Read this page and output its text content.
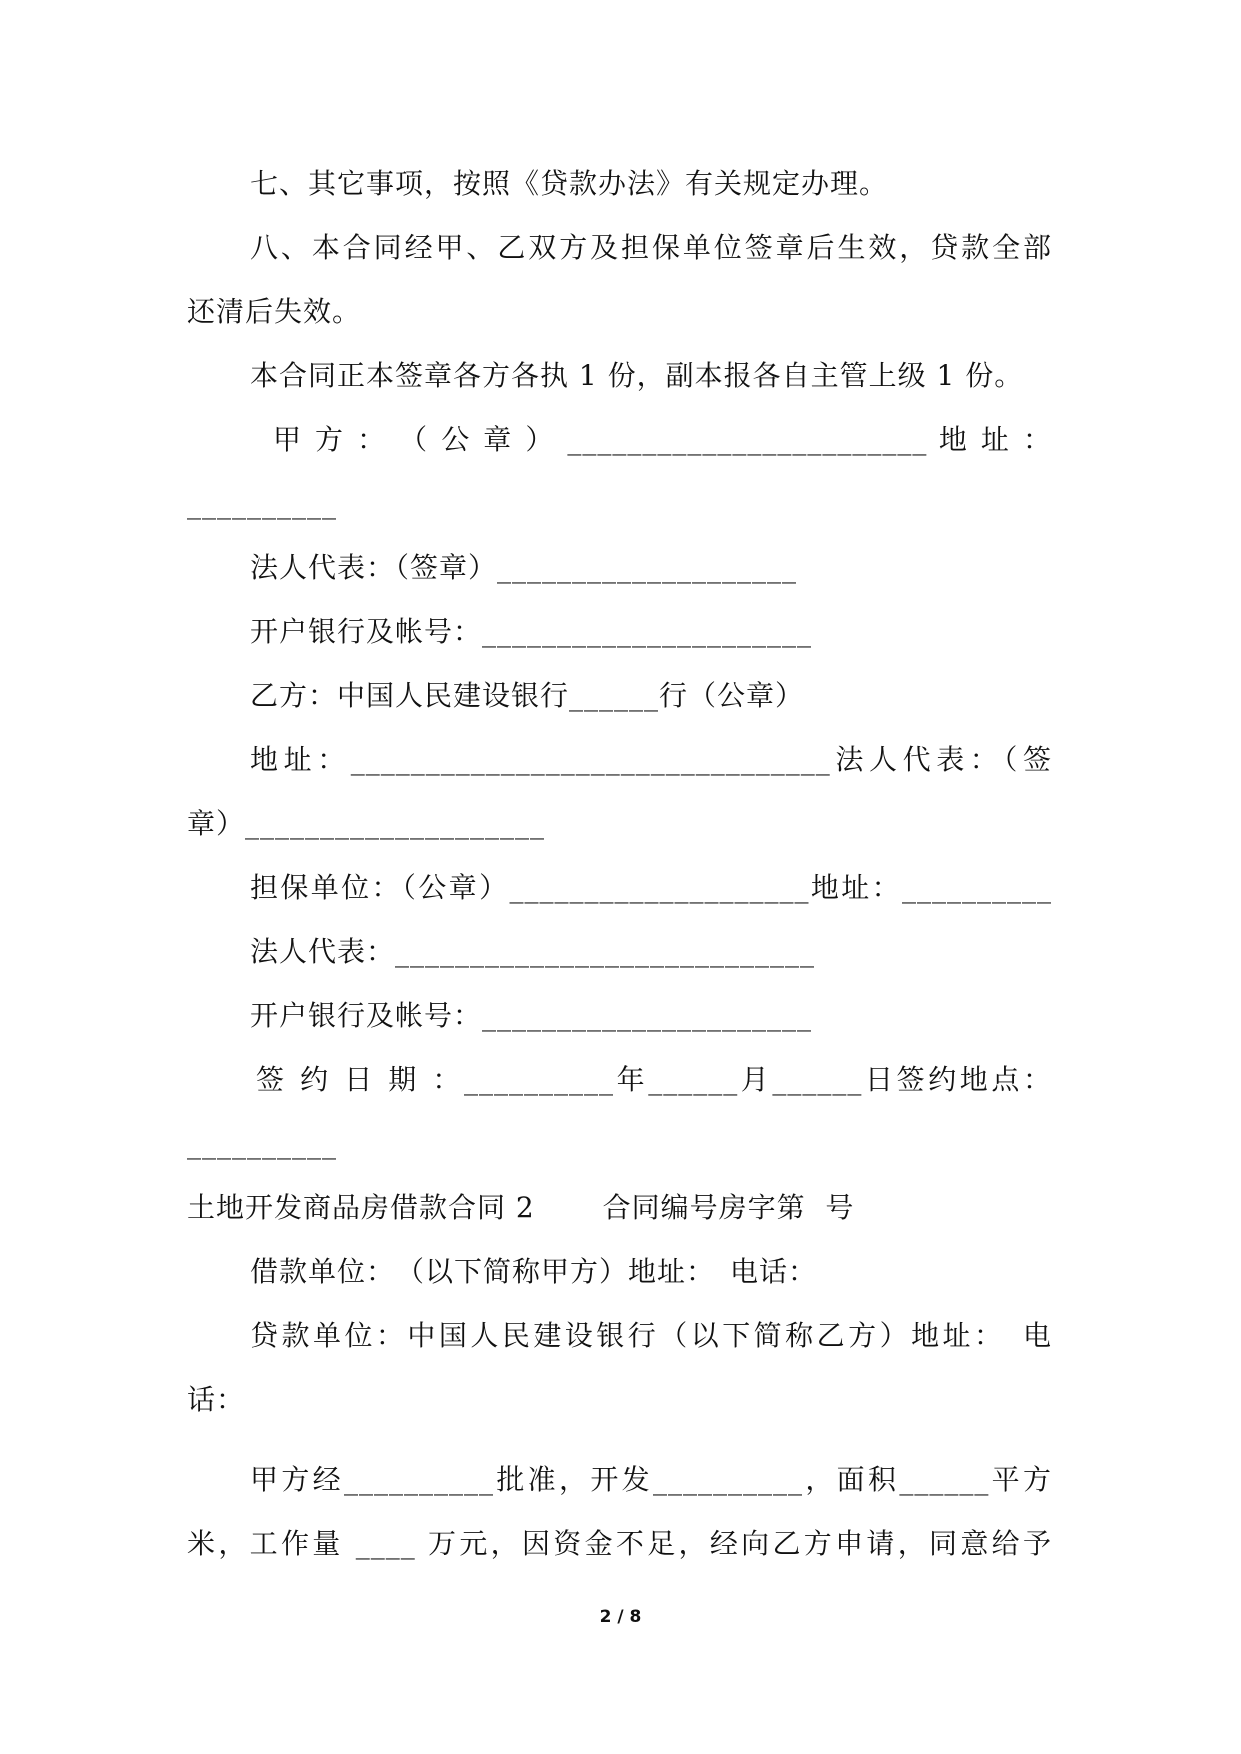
七、其它事项，按照《贷款办法》有关规定办理。
八、本合同经甲、乙双方及担保单位签章后生效，贷款全部
还清后失效。
本合同正本签章各方各执 1 份，副本报各自主管上级 1 份。
甲 方 ： （ 公 章 ） ________________________ 地 址 ：
__________
法人代表：（签章）____________________
开户银行及帐号：______________________
乙方：中国人民建设银行______行（公章）
地址：________________________________法人代表：（签
章）____________________
担保单位：（公章）____________________地址：__________
法人代表：____________________________
开户银行及帐号：______________________
签 约 日 期 ：__________年______月______日签约地点：
__________
土地开发商品房借款合同 2　　 合同编号房字第  号
借款单位：　（以下简称甲方）地址：　电话：
贷款单位：中国人民建设银行（以下简称乙方）地址：　电
话：
甲方经__________批准，开发__________，面积______平方
米，工作量 ____ 万元，因资金不足，经向乙方申请，同意给予
2 / 8
